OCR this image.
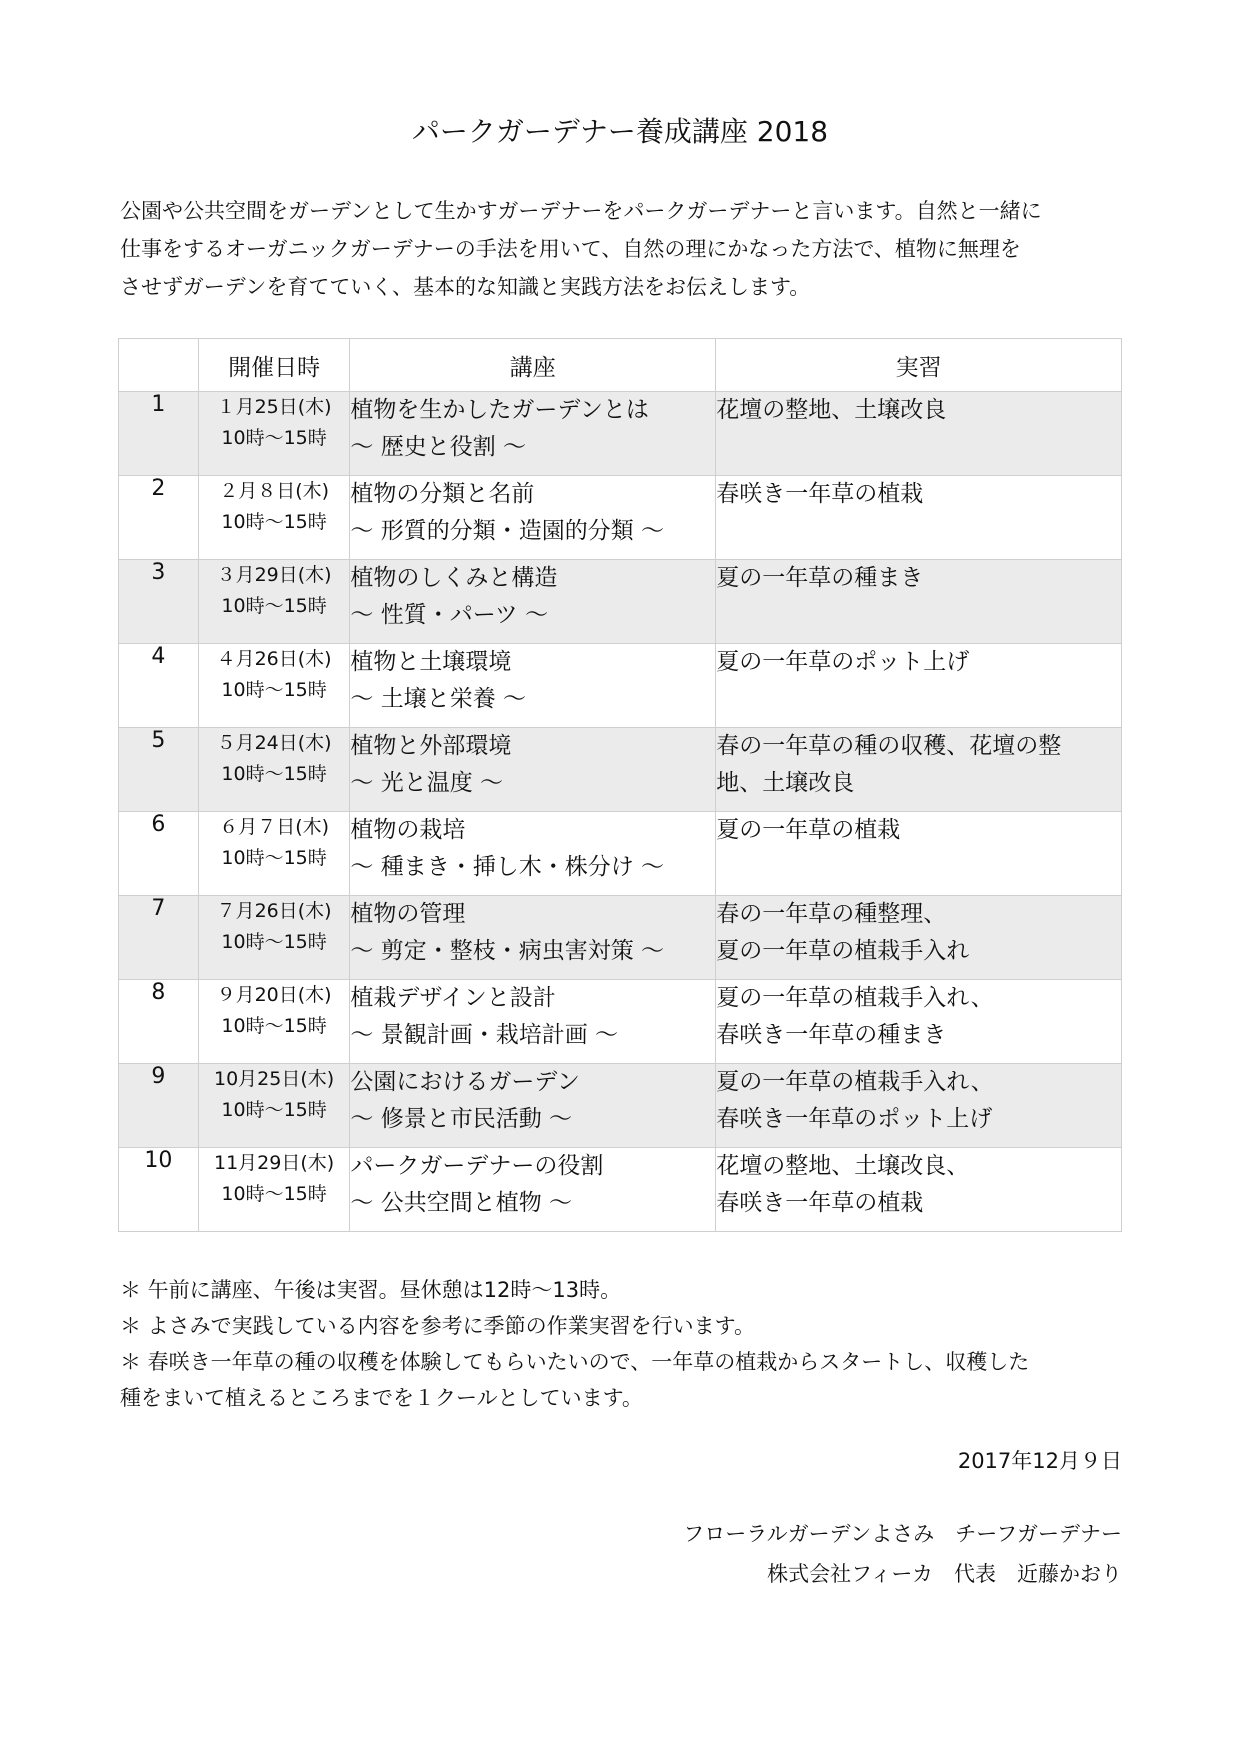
パークガーデナー養成講座 2018

公園や公共空間をガーデンとして生かすガーデナーをパークガーデナーと言います。自然と一緒に

仕事をするオーガニックガーデナーの手法を用いて、自然の理にかなった方法で、植物に無理を

させずガーデンを育てていく、基本的な知識と実践方法をお伝えします。

	開催日時	講座	実習
1	１月25日(木)
10時〜15時	植物を生かしたガーデンとは
〜 歴史と役割 〜	花壇の整地、土壌改良

2	２月８日(木)
10時〜15時	植物の分類と名前
〜 形質的分類・造園的分類 〜	春咲き一年草の植栽

3	３月29日(木)
10時〜15時	植物のしくみと構造
〜 性質・パーツ 〜	夏の一年草の種まき

4	４月26日(木)
10時〜15時	植物と土壌環境
〜 土壌と栄養 〜	夏の一年草のポット上げ

5	５月24日(木)
10時〜15時	植物と外部環境
〜 光と温度 〜	春の一年草の種の収穫、花壇の整
地、土壌改良

6	６月７日(木)
10時〜15時	植物の栽培
〜 種まき・挿し木・株分け 〜	夏の一年草の植栽

7	７月26日(木)
10時〜15時	植物の管理
〜 剪定・整枝・病虫害対策 〜	春の一年草の種整理、
夏の一年草の植栽手入れ

8	９月20日(木)
10時〜15時	植栽デザインと設計
〜 景観計画・栽培計画 〜	夏の一年草の植栽手入れ、
春咲き一年草の種まき

9	10月25日(木)
10時〜15時	公園におけるガーデン
〜 修景と市民活動 〜	夏の一年草の植栽手入れ、
春咲き一年草のポット上げ

10	11月29日(木)
10時〜15時	パークガーデナーの役割
〜 公共空間と植物 〜	花壇の整地、土壌改良、
春咲き一年草の植栽

＊ 午前に講座、午後は実習。昼休憩は12時〜13時。

＊ よさみで実践している内容を参考に季節の作業実習を行います。

＊ 春咲き一年草の種の収穫を体験してもらいたいので、一年草の植栽からスタートし、収穫した

種をまいて植えるところまでを１クールとしています。

2017年12月９日

フローラルガーデンよさみ　チーフガーデナー

株式会社フィーカ　代表　近藤かおり
